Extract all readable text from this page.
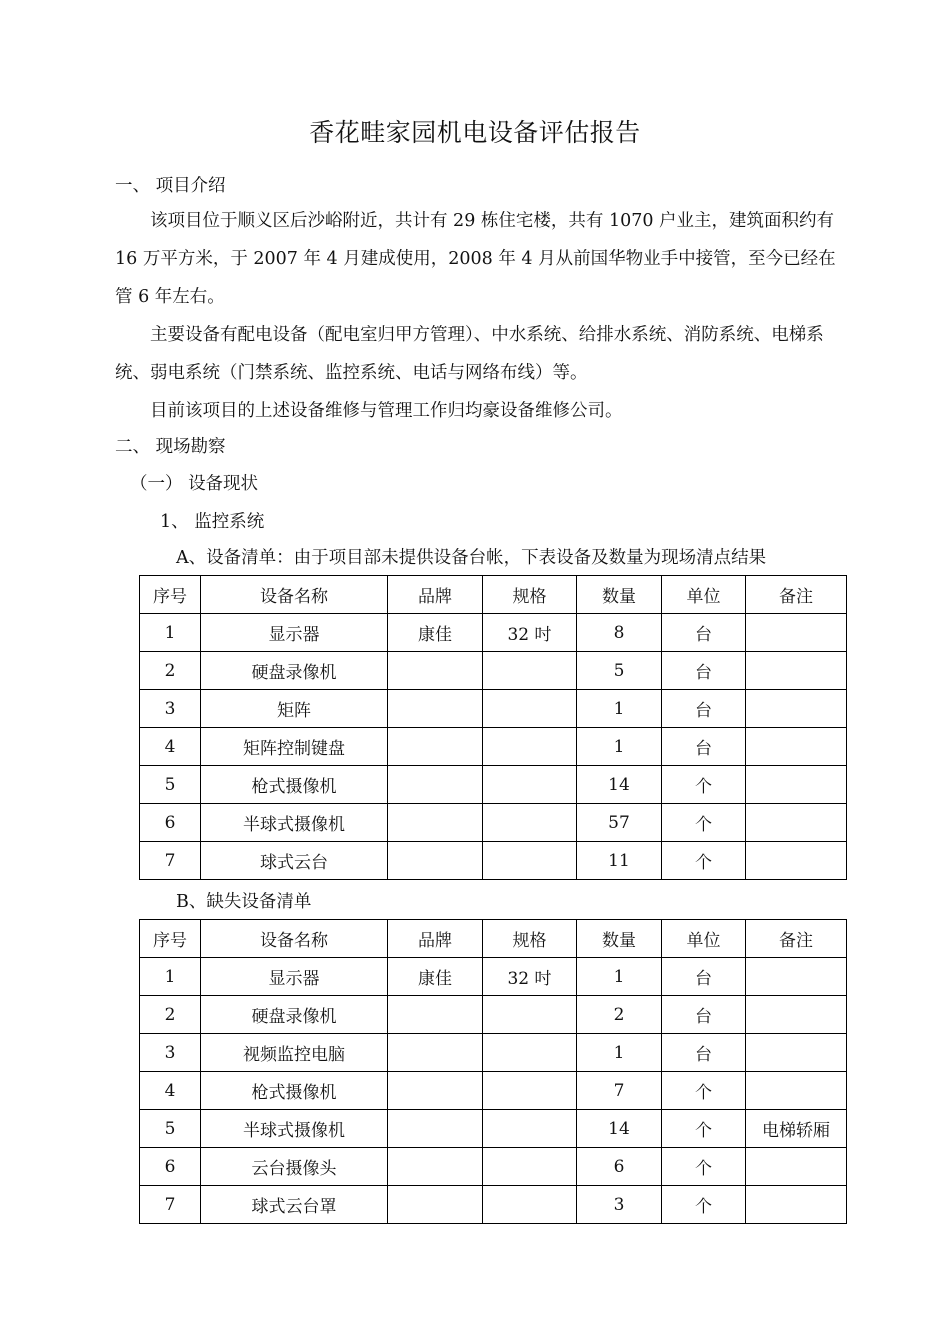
香花畦家园机电设备评估报告
一、 项目介绍

该项目位于顺义区后沙峪附近，共计有 29 栋住宅楼，共有 1070 户业主，建筑面积约有 16 万平方米，于 2007 年 4 月建成使用，2008 年 4 月从前国华物业手中接管，至今已经在管 6 年左右。

主要设备有配电设备（配电室归甲方管理）、中水系统、给排水系统、消防系统、电梯系统、弱电系统（门禁系统、监控系统、电话与网络布线）等。

目前该项目的上述设备维修与管理工作归均豪设备维修公司。

二、 现场勘察
（一） 设备现状
1、 监控系统
A、设备清单：由于项目部未提供设备台帐，下表设备及数量为现场清点结果
序号	设备名称	品牌	规格	数量	单位	备注
1	显示器	康佳	32 吋	8	台	
2	硬盘录像机			5	台	
3	矩阵			1	台	
4	矩阵控制键盘			1	台	
5	枪式摄像机			14	个	
6	半球式摄像机			57	个	
7	球式云台			11	个	
B、缺失设备清单
序号	设备名称	品牌	规格	数量	单位	备注
1	显示器	康佳	32 吋	1	台	
2	硬盘录像机			2	台	
3	视频监控电脑			1	台	
4	枪式摄像机			7	个	
5	半球式摄像机			14	个	电梯轿厢
6	云台摄像头			6	个	
7	球式云台罩			3	个	
